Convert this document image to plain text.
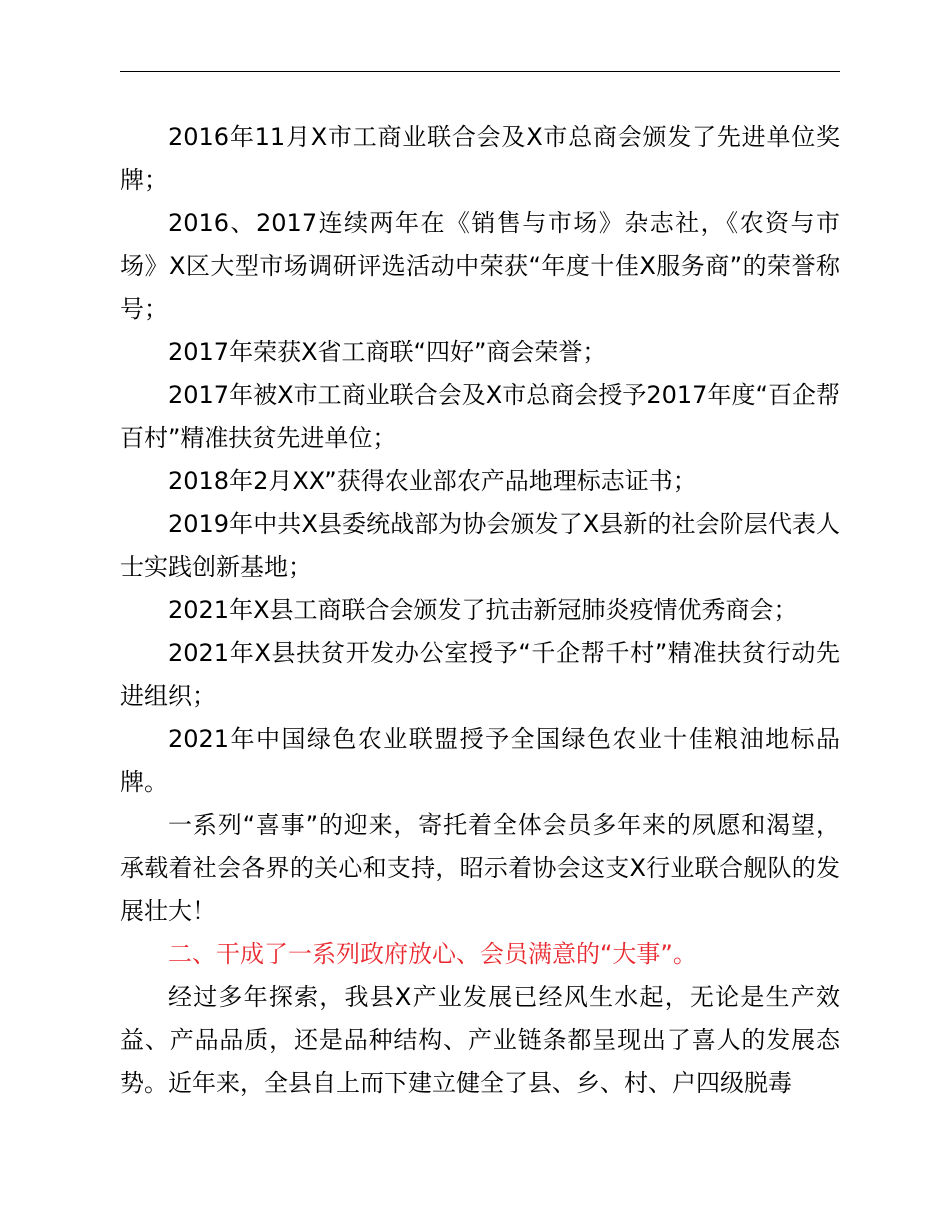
2016年11月X市工商业联合会及X市总商会颁发了先进单位奖牌；

2016、2017连续两年在《销售与市场》杂志社，《农资与市场》X区大型市场调研评选活动中荣获“年度十佳X服务商”的荣誉称号；

2017年荣获X省工商联“四好”商会荣誉；

2017年被X市工商业联合会及X市总商会授予2017年度“百企帮百村”精准扶贫先进单位；

2018年2月XX”获得农业部农产品地理标志证书；

2019年中共X县委统战部为协会颁发了X县新的社会阶层代表人士实践创新基地；

2021年X县工商联合会颁发了抗击新冠肺炎疫情优秀商会；

2021年X县扶贫开发办公室授予“千企帮千村”精准扶贫行动先进组织；

2021年中国绿色农业联盟授予全国绿色农业十佳粮油地标品牌。

一系列“喜事”的迎来，寄托着全体会员多年来的夙愿和渴望，承载着社会各界的关心和支持，昭示着协会这支X行业联合舰队的发展壮大！

二、干成了一系列政府放心、会员满意的“大事”。

经过多年探索，我县X产业发展已经风生水起，无论是生产效益、产品品质，还是品种结构、产业链条都呈现出了喜人的发展态势。近年来，全县自上而下建立健全了县、乡、村、户四级脱毒
